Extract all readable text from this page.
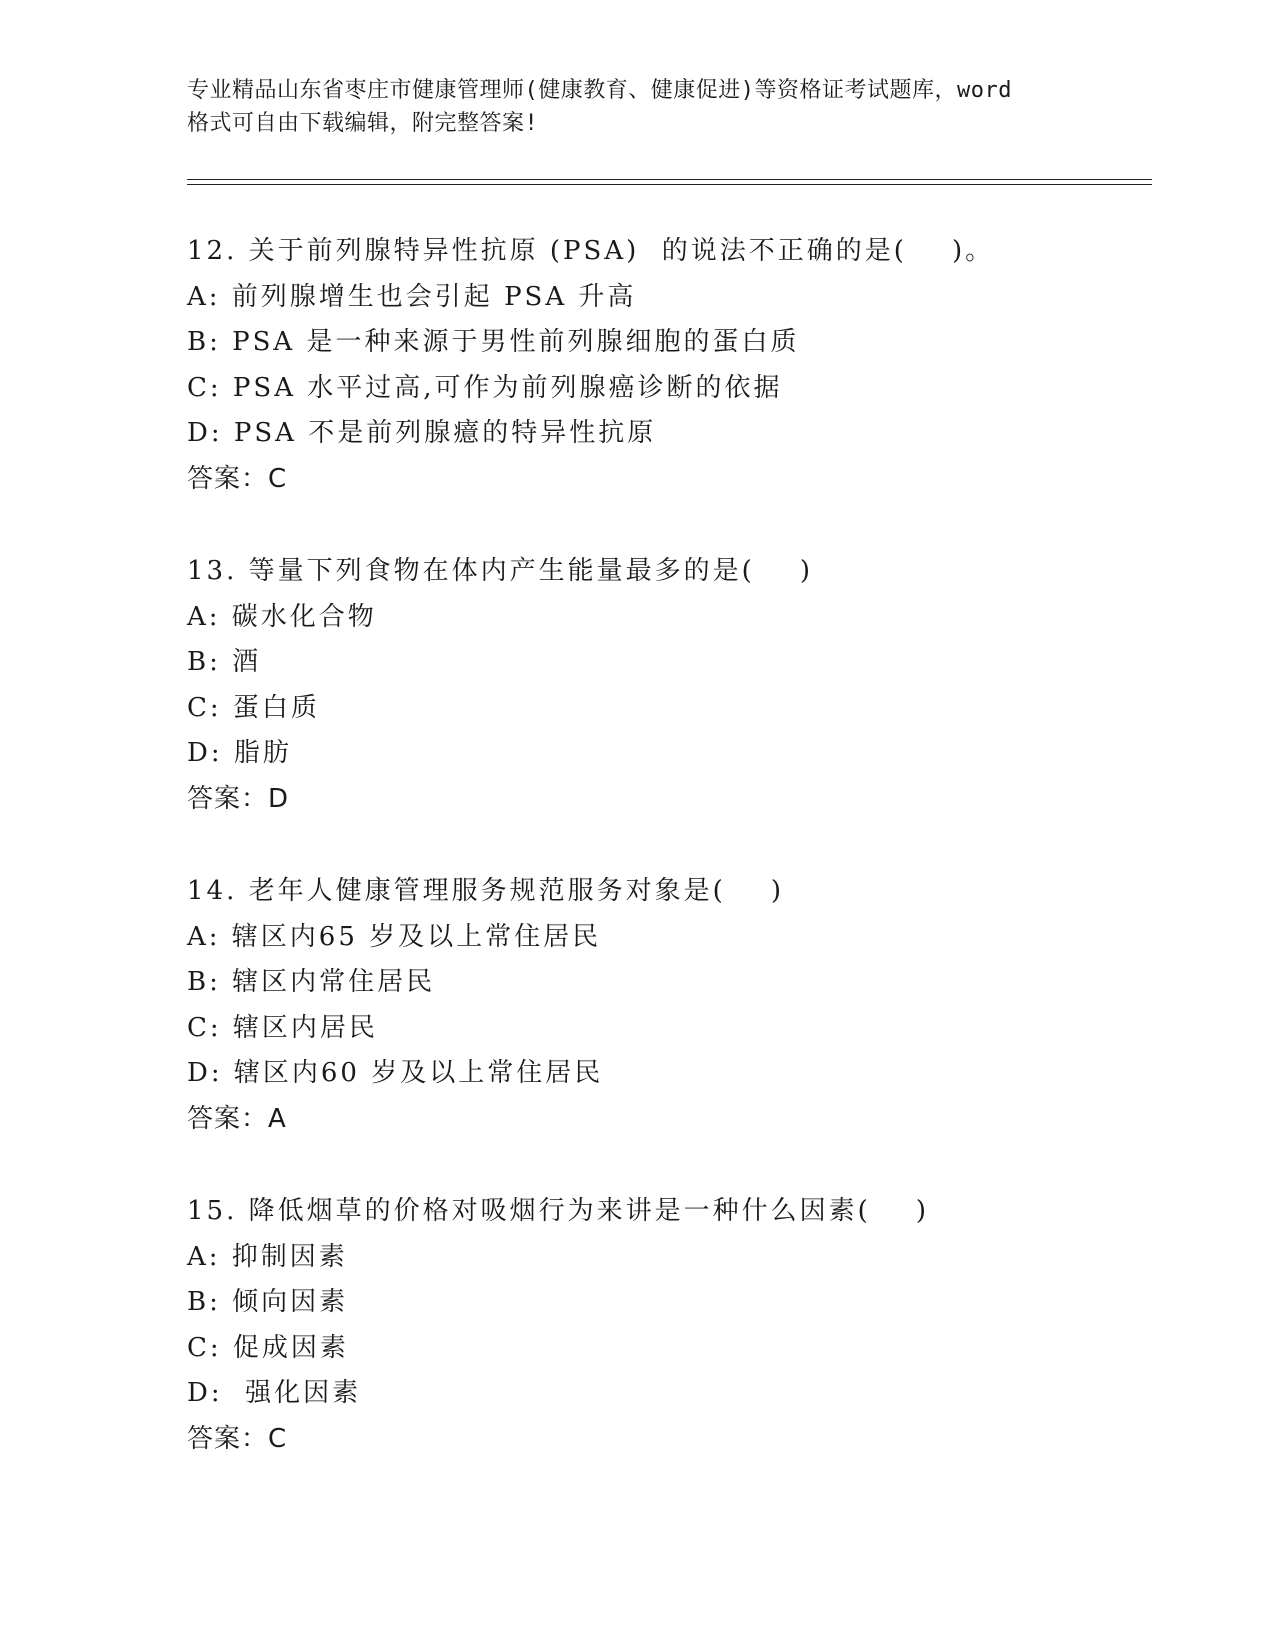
专业精品山东省枣庄市健康管理师(健康教育、健康促进)等资格证考试题库，word
格式可自由下载编辑，附完整答案!
12. 关于前列腺特异性抗原 (PSA)  的说法不正确的是(    )。
A: 前列腺增生也会引起 PSA 升高
B: PSA 是一种来源于男性前列腺细胞的蛋白质
C: PSA 水平过高,可作为前列腺癌诊断的依据
D: PSA 不是前列腺癔的特异性抗原
答案：C
13. 等量下列食物在体内产生能量最多的是(    )
A: 碳水化合物
B: 酒
C: 蛋白质
D: 脂肪
答案：D
14. 老年人健康管理服务规范服务对象是(    )
A: 辖区内65 岁及以上常住居民
B: 辖区内常住居民
C: 辖区内居民
D: 辖区内60 岁及以上常住居民
答案：A
15. 降低烟草的价格对吸烟行为来讲是一种什么因素(    )
A: 抑制因素
B: 倾向因素
C: 促成因素
D:  强化因素
答案：C
